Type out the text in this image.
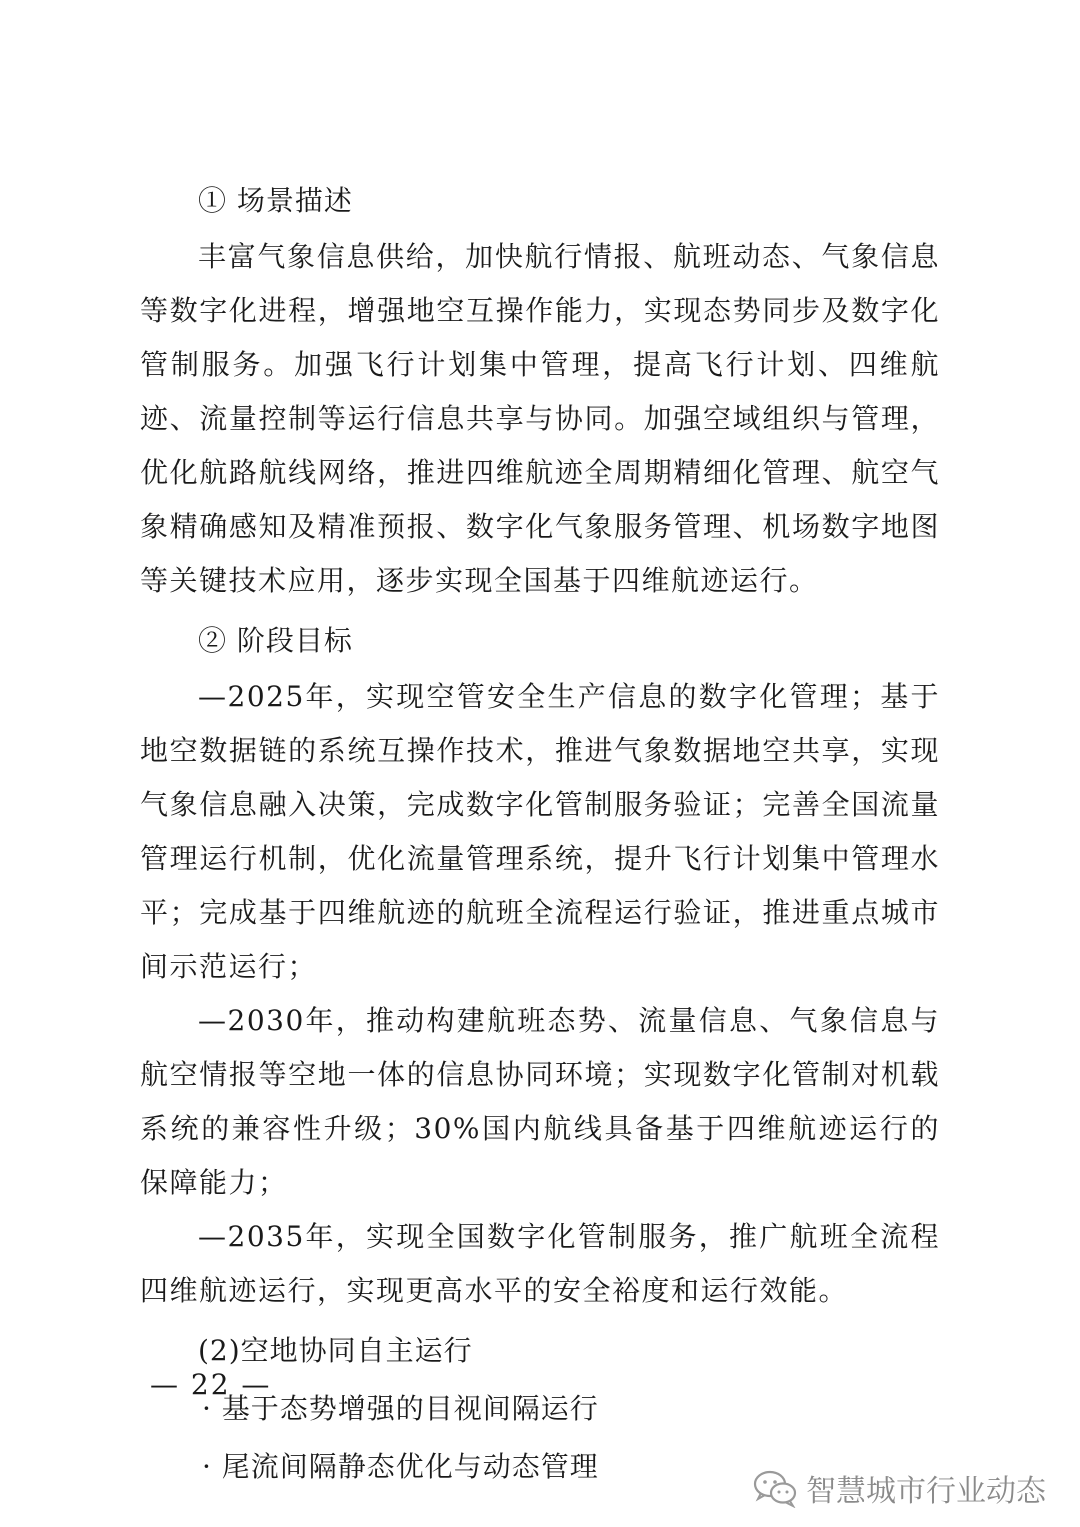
① 场景描述

丰富气象信息供给，加快航行情报、航班动态、气象信息等数字化进程，增强地空互操作能力，实现态势同步及数字化管制服务。加强飞行计划集中管理，提高飞行计划、四维航迹、流量控制等运行信息共享与协同。加强空域组织与管理，优化航路航线网络，推进四维航迹全周期精细化管理、航空气象精确感知及精准预报、数字化气象服务管理、机场数字地图等关键技术应用，逐步实现全国基于四维航迹运行。

② 阶段目标

—2025年，实现空管安全生产信息的数字化管理；基于地空数据链的系统互操作技术，推进气象数据地空共享，实现气象信息融入决策，完成数字化管制服务验证；完善全国流量管理运行机制，优化流量管理系统，提升飞行计划集中管理水平；完成基于四维航迹的航班全流程运行验证，推进重点城市间示范运行；

—2030年，推动构建航班态势、流量信息、气象信息与航空情报等空地一体的信息协同环境；实现数字化管制对机载系统的兼容性升级；30%国内航线具备基于四维航迹运行的保障能力；

—2035年，实现全国数字化管制服务，推广航班全流程四维航迹运行，实现更高水平的安全裕度和运行效能。

(2)空地协同自主运行
· 基于态势增强的目视间隔运行
· 尾流间隔静态优化与动态管理
— 22 —
智慧城市行业动态
